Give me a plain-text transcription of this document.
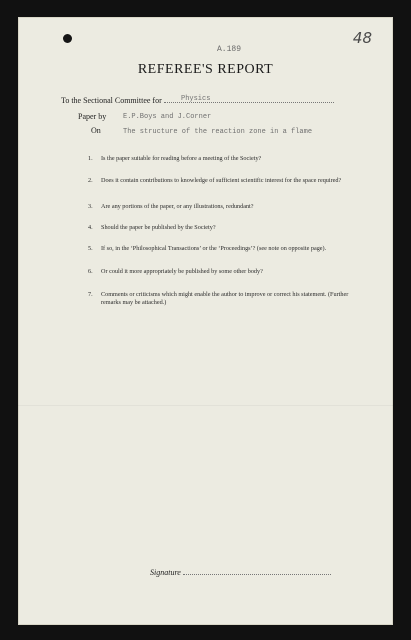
48
A.189
REFEREE'S REPORT
To the Sectional Committee for	Physics
Paper by E.P.Boys and J.Corner
On	The structure of the reaction zone in a flame
1.	Is the paper suitable for reading before a meeting of the Society?
2.	Does it contain contributions to knowledge of sufficient scientific interest for the space required?
3.	Are any portions of the paper, or any illustrations, redundant?
4.	Should the paper be published by the Society?
5.	If so, in the ‘Philosophical Transactions’ or the ‘Proceedings’? (see note on opposite page).
6.	Or could it more appropriately be published by some other body?
7.	Comments or criticisms which might enable the author to improve or correct his statement. (Further remarks may be attached.)
Signature
